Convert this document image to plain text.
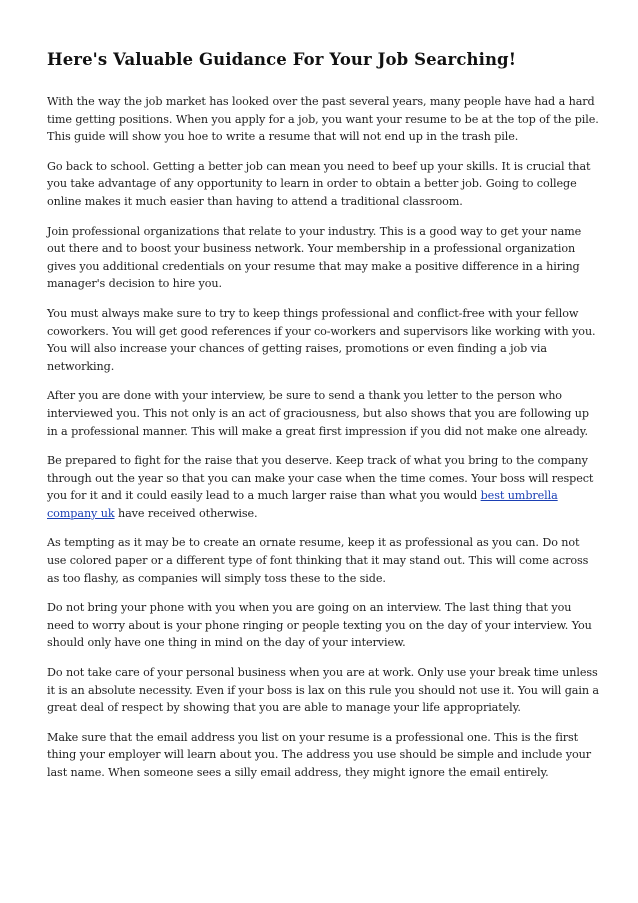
Here's Valuable Guidance For Your Job Searching!

With the way the job market has looked over the past several years, many people have had a hard time getting positions. When you apply for a job, you want your resume to be at the top of the pile. This guide will show you hoe to write a resume that will not end up in the trash pile.

Go back to school. Getting a better job can mean you need to beef up your skills. It is crucial that you take advantage of any opportunity to learn in order to obtain a better job. Going to college online makes it much easier than having to attend a traditional classroom.

Join professional organizations that relate to your industry. This is a good way to get your name out there and to boost your business network. Your membership in a professional organization gives you additional credentials on your resume that may make a positive difference in a hiring manager's decision to hire you.

You must always make sure to try to keep things professional and conflict-free with your fellow coworkers. You will get good references if your co-workers and supervisors like working with you. You will also increase your chances of getting raises, promotions or even finding a job via networking.

After you are done with your interview, be sure to send a thank you letter to the person who interviewed you. This not only is an act of graciousness, but also shows that you are following up in a professional manner. This will make a great first impression if you did not make one already.

Be prepared to fight for the raise that you deserve. Keep track of what you bring to the company through out the year so that you can make your case when the time comes. Your boss will respect you for it and it could easily lead to a much larger raise than what you would best umbrella company uk have received otherwise.

As tempting as it may be to create an ornate resume, keep it as professional as you can. Do not use colored paper or a different type of font thinking that it may stand out. This will come across as too flashy, as companies will simply toss these to the side.

Do not bring your phone with you when you are going on an interview. The last thing that you need to worry about is your phone ringing or people texting you on the day of your interview. You should only have one thing in mind on the day of your interview.

Do not take care of your personal business when you are at work. Only use your break time unless it is an absolute necessity. Even if your boss is lax on this rule you should not use it. You will gain a great deal of respect by showing that you are able to manage your life appropriately.

Make sure that the email address you list on your resume is a professional one. This is the first thing your employer will learn about you. The address you use should be simple and include your last name. When someone sees a silly email address, they might ignore the email entirely.
